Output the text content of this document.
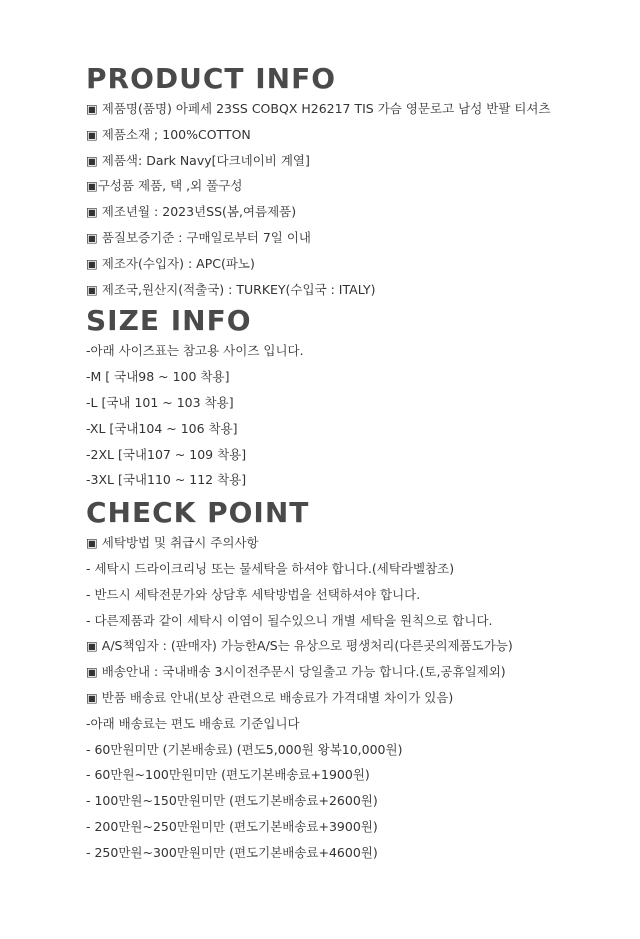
PRODUCT INFO
▣ 제품명(품명) 아페세 23SS COBQX H26217 TIS 가슴 영문로고 남성 반팔 티셔츠
▣ 제품소재 ; 100%COTTON
▣ 제품색: Dark Navy[다크네이비 계열]
▣구성품 제품, 택 ,외 풀구성
▣ 제조년월 : 2023년SS(봄,여름제품)
▣ 품질보증기준 : 구매일로부터 7일 이내
▣ 제조자(수입자) : APC(파노)
▣ 제조국,원산지(적출국) : TURKEY(수입국 : ITALY)
SIZE INFO
-아래 사이즈표는 참고용 사이즈 입니다.
-M [ 국내98 ~ 100 착용]
-L [국내 101 ~ 103 착용]
-XL [국내104 ~ 106 착용]
-2XL [국내107 ~ 109 착용]
-3XL [국내110 ~ 112 착용]
CHECK POINT
▣ 세탁방법 및 취급시 주의사항
- 세탁시 드라이크리닝 또는 물세탁을 하셔야 합니다.(세탁라벨참조)
- 반드시 세탁전문가와 상담후 세탁방법을 선택하셔야 합니다.
- 다른제품과 같이 세탁시 이염이 될수있으니 개별 세탁을 원칙으로 합니다.
▣ A/S책임자 : (판매자) 가능한A/S는 유상으로 평생처리(다른곳의제품도가능)
▣ 배송안내 : 국내배송 3시이전주문시 당일출고 가능 합니다.(토,공휴일제외)
▣ 반품 배송료 안내(보상 관련으로 배송료가 가격대별 차이가 있음)
-아래 배송료는 편도 배송료 기준입니다
- 60만원미만 (기본배송료) (편도5,000원 왕복10,000원)
- 60만원~100만원미만 (편도기본배송료+1900원)
- 100만원~150만원미만 (편도기본배송료+2600원)
- 200만원~250만원미만 (편도기본배송료+3900원)
- 250만원~300만원미만 (편도기본배송료+4600원)
